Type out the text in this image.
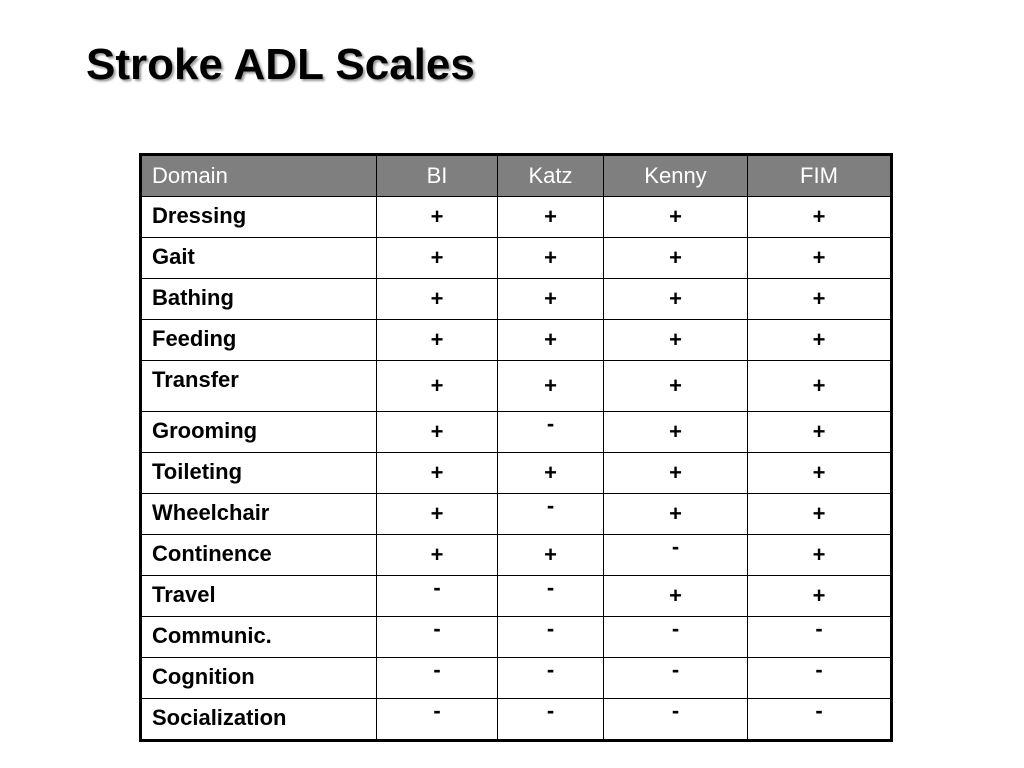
Stroke ADL Scales
Domain	BI	Katz	Kenny	FIM
Dressing	+	+	+	+
Gait	+	+	+	+
Bathing	+	+	+	+
Feeding	+	+	+	+
Transfer	+	+	+	+
Grooming	+	-	+	+
Toileting	+	+	+	+
Wheelchair	+	-	+	+
Continence	+	+	-	+
Travel	-	-	+	+
Communic.	-	-	-	-
Cognition	-	-	-	-
Socialization	-	-	-	-
